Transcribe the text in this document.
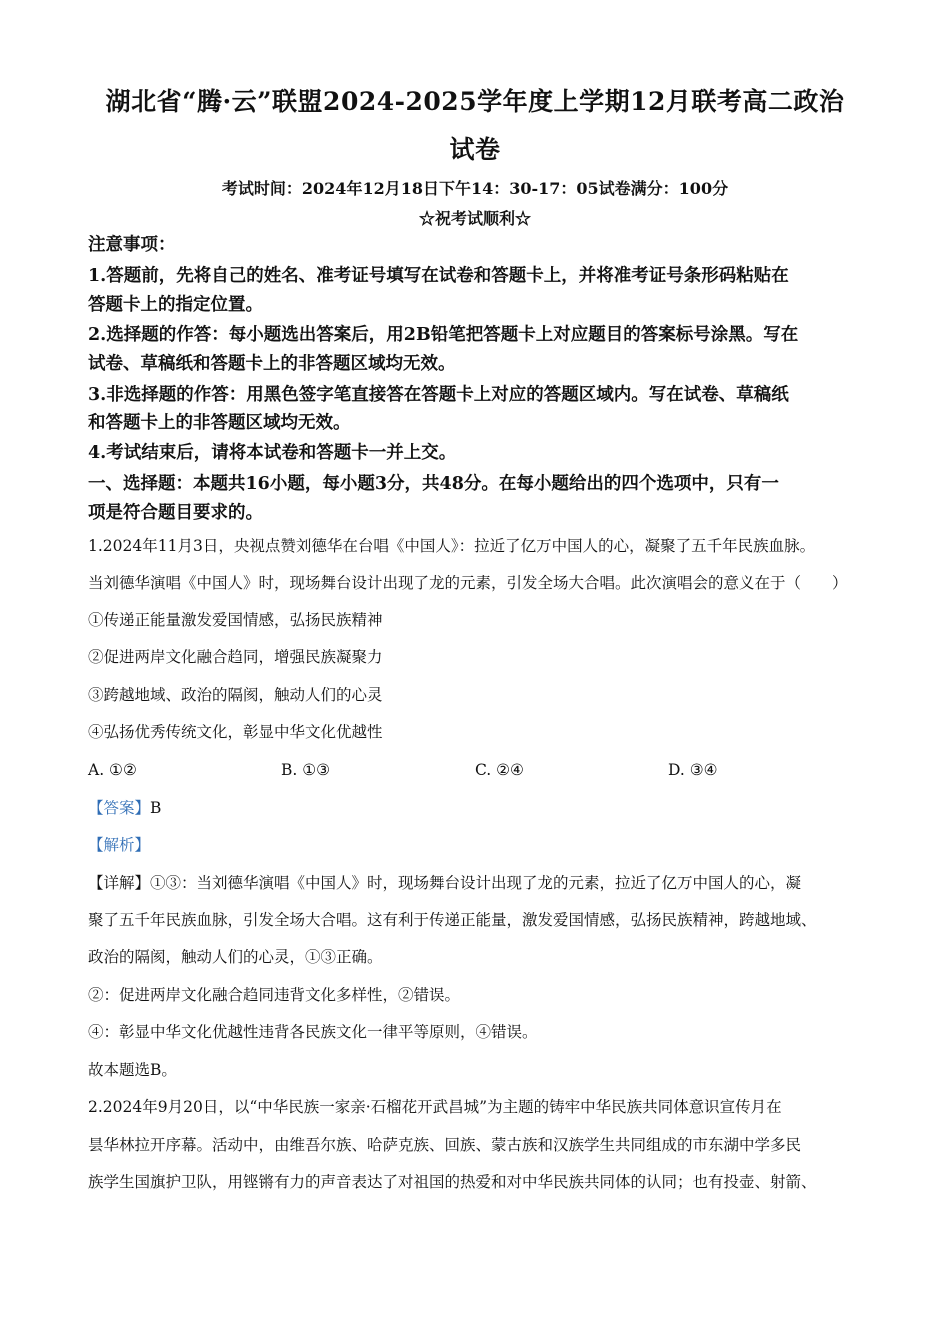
湖北省“腾·云”联盟2024-2025学年度上学期12月联考高二政治
试卷
考试时间：2024年12月18日下午14：30-17：05试卷满分：100分
☆祝考试顺利☆
注意事项：
1.答题前，先将自己的姓名、准考证号填写在试卷和答题卡上，并将准考证号条形码粘贴在
答题卡上的指定位置。
2.选择题的作答：每小题选出答案后，用2B铅笔把答题卡上对应题目的答案标号涂黑。写在
试卷、草稿纸和答题卡上的非答题区域均无效。
3.非选择题的作答：用黑色签字笔直接答在答题卡上对应的答题区域内。写在试卷、草稿纸
和答题卡上的非答题区域均无效。
4.考试结束后，请将本试卷和答题卡一并上交。
一、选择题：本题共16小题，每小题3分，共48分。在每小题给出的四个选项中，只有一
项是符合题目要求的。
1.2024年11月3日，央视点赞刘德华在台唱《中国人》：拉近了亿万中国人的心，凝聚了五千年民族血脉。
当刘德华演唱《中国人》时，现场舞台设计出现了龙的元素，引发全场大合唱。此次演唱会的意义在于（　　）
①传递正能量激发爱国情感，弘扬民族精神
②促进两岸文化融合趋同，增强民族凝聚力
③跨越地域、政治的隔阂，触动人们的心灵
④弘扬优秀传统文化，彰显中华文化优越性
A. ①②	B. ①③	C. ②④	D. ③④
【答案】B
【解析】
【详解】①③：当刘德华演唱《中国人》时，现场舞台设计出现了龙的元素，拉近了亿万中国人的心，凝
聚了五千年民族血脉，引发全场大合唱。这有利于传递正能量，激发爱国情感，弘扬民族精神，跨越地域、
政治的隔阂，触动人们的心灵，①③正确。
②：促进两岸文化融合趋同违背文化多样性，②错误。
④：彰显中华文化优越性违背各民族文化一律平等原则，④错误。
故本题选B。
2.2024年9月20日，以“中华民族一家亲·石榴花开武昌城”为主题的铸牢中华民族共同体意识宣传月在
昙华林拉开序幕。活动中，由维吾尔族、哈萨克族、回族、蒙古族和汉族学生共同组成的市东湖中学多民
族学生国旗护卫队，用铿锵有力的声音表达了对祖国的热爱和对中华民族共同体的认同；也有投壶、射箭、
